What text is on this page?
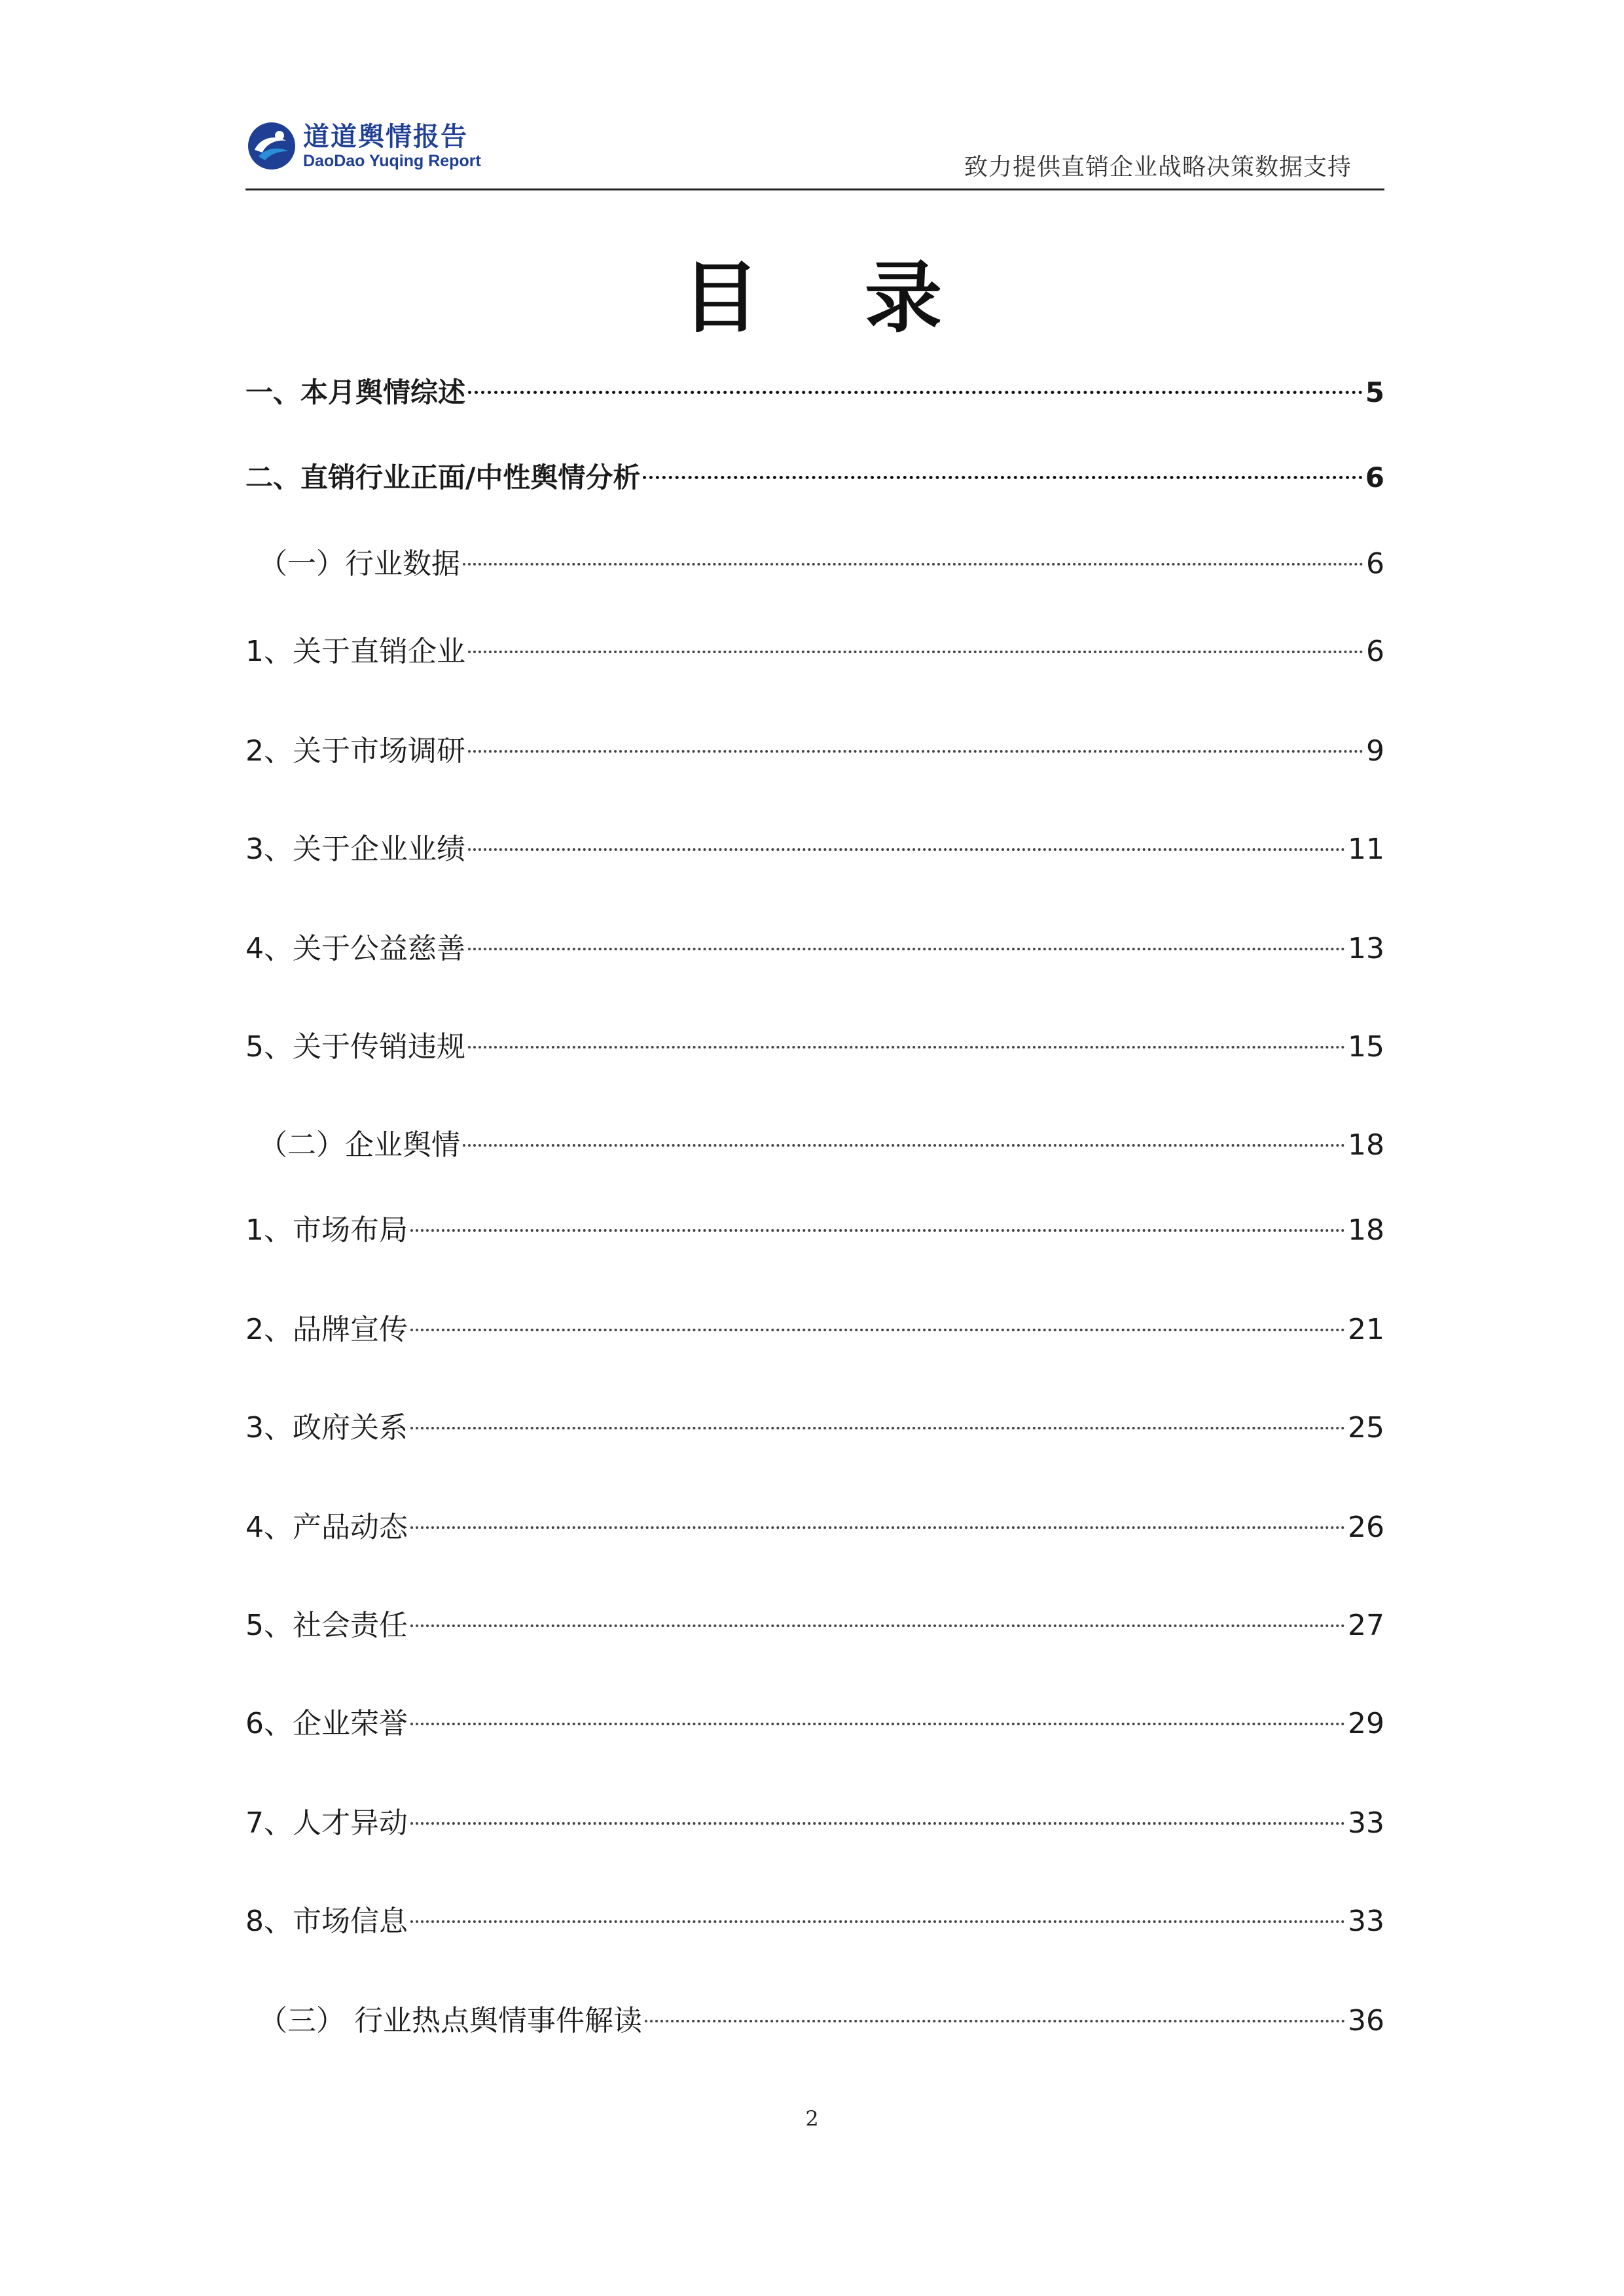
道道舆情报告
DaoDao Yuqing Report	致力提供直销企业战略决策数据支持
目 录
一、本月舆情综述	5
二、直销行业正面/中性舆情分析	6
（一）行业数据	6
1、关于直销企业	6
2、关于市场调研	9
3、关于企业业绩	11
4、关于公益慈善	13
5、关于传销违规	15
（二）企业舆情	18
1、市场布局	18
2、品牌宣传	21
3、政府关系	25
4、产品动态	26
5、社会责任	27
6、企业荣誉	29
7、人才异动	33
8、市场信息	33
（三） 行业热点舆情事件解读	36
2
